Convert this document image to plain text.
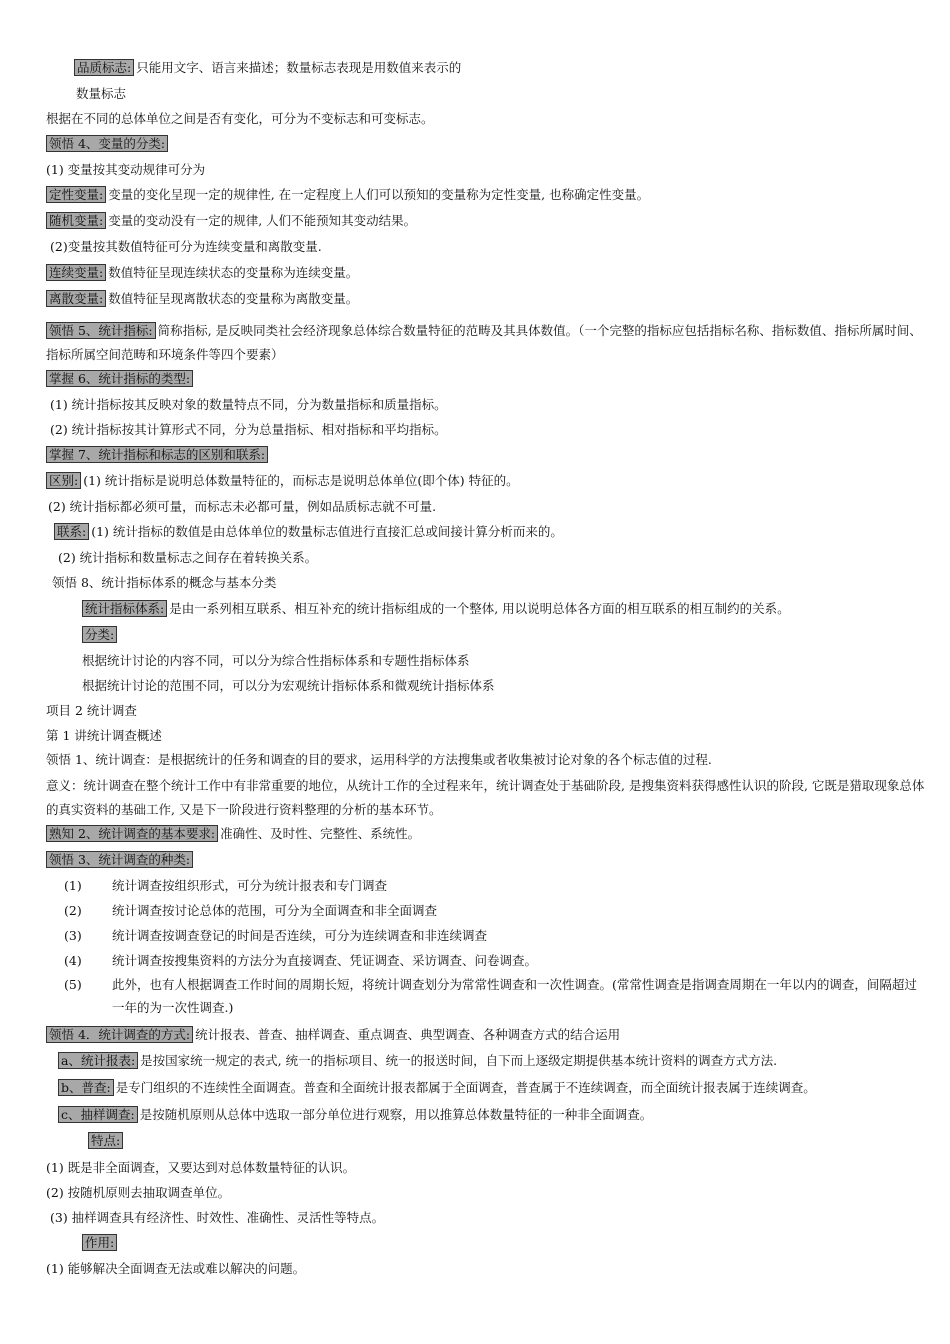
品质标志: 只能用文字、语言来描述；数量标志表现是用数值来表示的
数量标志
根据在不同的总体单位之间是否有变化，可分为不变标志和可变标志。
领悟 4、变量的分类:
(1) 变量按其变动规律可分为
定性变量: 变量的变化呈现一定的规律性, 在一定程度上人们可以预知的变量称为定性变量, 也称确定性变量。
随机变量: 变量的变动没有一定的规律, 人们不能预知其变动结果。
(2)变量按其数值特征可分为连续变量和离散变量.
连续变量: 数值特征呈现连续状态的变量称为连续变量。
离散变量: 数值特征呈现离散状态的变量称为离散变量。
领悟 5、统计指标: 简称指标, 是反映同类社会经济现象总体综合数量特征的范畴及其具体数值。（一个完整的指标应包括指标名称、指标数值、指标所属时间、指标所属空间范畴和环境条件等四个要素）
掌握 6、统计指标的类型:
(1) 统计指标按其反映对象的数量特点不同，分为数量指标和质量指标。
(2) 统计指标按其计算形式不同，分为总量指标、相对指标和平均指标。
掌握 7、统计指标和标志的区别和联系:
区别: (1) 统计指标是说明总体数量特征的，而标志是说明总体单位(即个体) 特征的。
(2) 统计指标都必须可量，而标志未必都可量，例如品质标志就不可量.
联系: (1) 统计指标的数值是由总体单位的数量标志值进行直接汇总或间接计算分析而来的。
(2) 统计指标和数量标志之间存在着转换关系。
领悟 8、统计指标体系的概念与基本分类
统计指标体系: 是由一系列相互联系、相互补充的统计指标组成的一个整体, 用以说明总体各方面的相互联系的相互制约的关系。
分类:
根据统计讨论的内容不同，可以分为综合性指标体系和专题性指标体系
根据统计讨论的范围不同，可以分为宏观统计指标体系和微观统计指标体系
项目 2 统计调查
第 1 讲统计调查概述
领悟 1、统计调查：是根据统计的任务和调查的目的要求，运用科学的方法搜集或者收集被讨论对象的各个标志值的过程.
意义：统计调查在整个统计工作中有非常重要的地位，从统计工作的全过程来年，统计调查处于基础阶段, 是搜集资料获得感性认识的阶段, 它既是猎取现象总体的真实资料的基础工作, 又是下一阶段进行资料整理的分析的基本环节。
熟知 2、统计调查的基本要求: 准确性、及时性、完整性、系统性。
领悟 3、统计调查的种类:
(1) 统计调查按组织形式，可分为统计报表和专门调查
(2) 统计调查按讨论总体的范围，可分为全面调查和非全面调查
(3) 统计调查按调查登记的时间是否连续，可分为连续调查和非连续调查
(4) 统计调查按搜集资料的方法分为直接调查、凭证调查、采访调查、问卷调查。
(5)	此外，也有人根据调查工作时间的周期长短，将统计调查划分为常常性调查和一次性调查。(常常性调查是指调查周期在一年以内的调查，间隔超过一年的为一次性调查.)
领悟 4．统计调查的方式: 统计报表、普查、抽样调查、重点调查、典型调查、各种调查方式的结合运用
a、统计报表: 是按国家统一规定的表式, 统一的指标项目、统一的报送时间，自下而上逐级定期提供基本统计资料的调查方式方法.
b、普查: 是专门组织的不连续性全面调查。普查和全面统计报表都属于全面调查，普查属于不连续调查，而全面统计报表属于连续调查。
c、抽样调查: 是按随机原则从总体中选取一部分单位进行观察，用以推算总体数量特征的一种非全面调查。
特点:
(1) 既是非全面调查，又要达到对总体数量特征的认识。
(2) 按随机原则去抽取调查单位。
(3) 抽样调查具有经济性、时效性、准确性、灵活性等特点。
作用:
(1) 能够解决全面调查无法或难以解决的问题。
